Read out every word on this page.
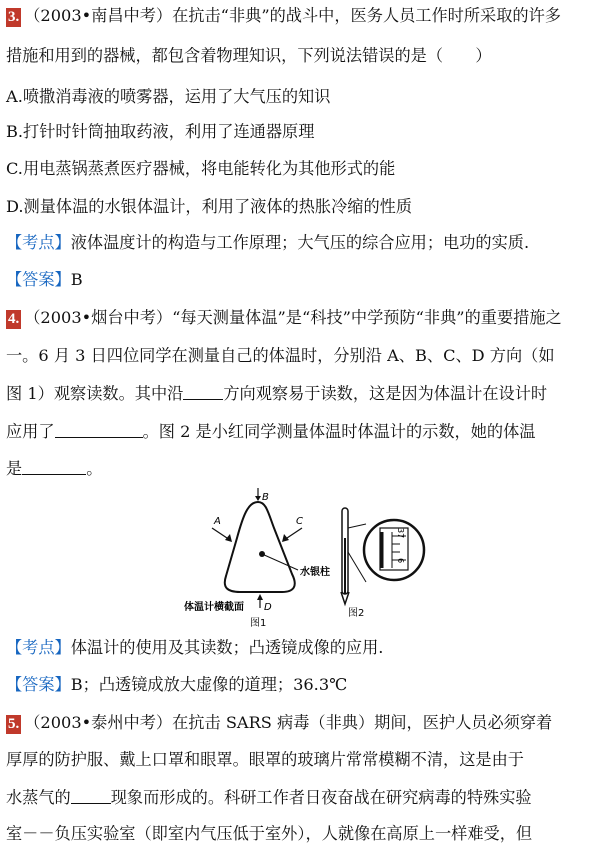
3. （2003•南昌中考）在抗击“非典”的战斗中，医务人员工作时所采取的许多
措施和用到的器械，都包含着物理知识，下列说法错误的是（　　）
A.喷撒消毒液的喷雾器，运用了大气压的知识
B.打针时针筒抽取药液，利用了连通器原理
C.用电蒸锅蒸煮医疗器械，将电能转化为其他形式的能
D.测量体温的水银体温计，利用了液体的热胀冷缩的性质
【考点】液体温度计的构造与工作原理；大气压的综合应用；电功的实质.
【答案】B
4. （2003•烟台中考）“每天测量体温”是“科技”中学预防“非典”的重要措施之
一。6 月 3 日四位同学在测量自己的体温时，分别沿 A、B、C、D 方向（如
图 1）观察读数。其中沿 方向观察易于读数，这是因为体温计在设计时
应用了	。图 2 是小红同学测量体温时体温计的示数，她的体温
是	。
B
A	C
D
水银柱
体温计横截面
图1
37
6
图2
【考点】体温计的使用及其读数；凸透镜成像的应用.
【答案】B；凸透镜成放大虚像的道理；36.3℃
5. （2003•泰州中考）在抗击 SARS 病毒（非典）期间，医护人员必须穿着
厚厚的防护服、戴上口罩和眼罩。眼罩的玻璃片常常模糊不清，这是由于
水蒸气的 现象而形成的。科研工作者日夜奋战在研究病毒的特殊实验
室－－负压实验室（即室内气压低于室外），人就像在高原上一样难受，但
